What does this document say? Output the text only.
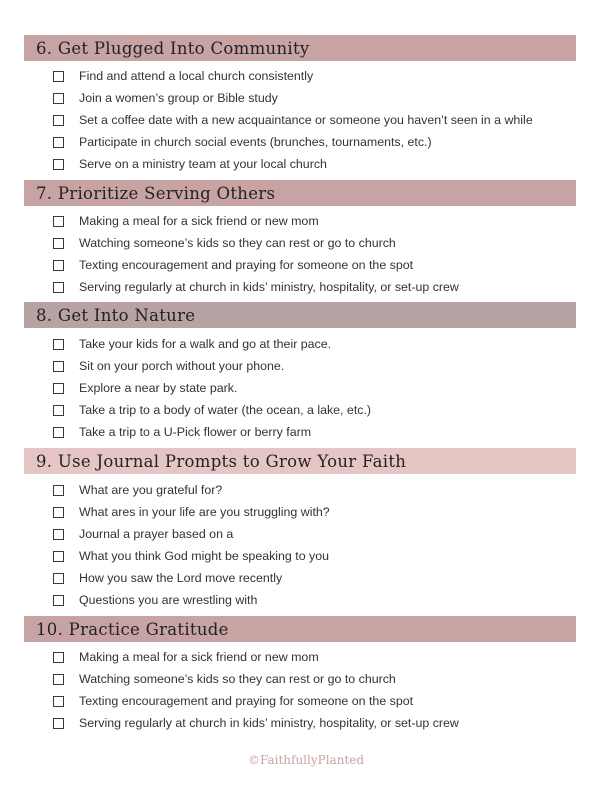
6. Get Plugged Into Community
Find and attend a local church consistently
Join a women’s group or Bible study
Set a coffee date with a new acquaintance or someone you haven’t seen in a while
Participate in church social events (brunches, tournaments, etc.)
Serve on a ministry team at your local church
7. Prioritize Serving Others
Making a meal for a sick friend or new mom
Watching someone’s kids so they can rest or go to church
Texting encouragement and praying for someone on the spot
Serving regularly at church in kids’ ministry, hospitality, or set-up crew
8. Get Into Nature
Take your kids for a walk and go at their pace.
Sit on your porch without your phone.
Explore a near by state park.
Take a trip to a body of water (the ocean, a lake, etc.)
Take a trip to a U-Pick flower or berry farm
9. Use Journal Prompts to Grow Your Faith
What are you grateful for?
What ares in your life are you struggling with?
Journal a prayer based on a
What you think God might be speaking to you
How you saw the Lord move recently
Questions you are wrestling with
10. Practice Gratitude
Making a meal for a sick friend or new mom
Watching someone’s kids so they can rest or go to church
Texting encouragement and praying for someone on the spot
Serving regularly at church in kids’ ministry, hospitality, or set-up crew
©FaithfullyPlanted
